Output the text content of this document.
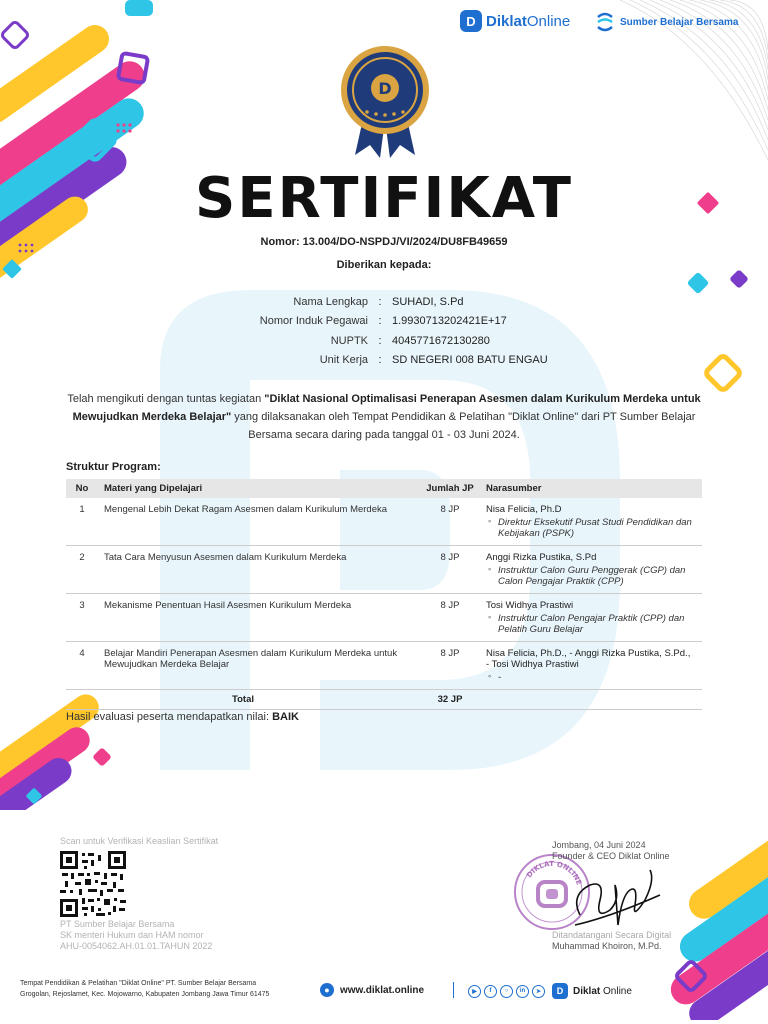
D DiklatOnline	Sumber Belajar Bersama
D
SERTIFIKAT
Nomor: 13.004/DO-NSPDJ/VI/2024/DU8FB49659
Diberikan kepada:
Nama Lengkap : SUHADI, S.Pd
Nomor Induk Pegawai : 1.9930713202421E+17
NUPTK : 4045771672130280
Unit Kerja : SD NEGERI 008 BATU ENGAU
Telah mengikuti dengan tuntas kegiatan "Diklat Nasional Optimalisasi Penerapan Asesmen dalam Kurikulum Merdeka untuk Mewujudkan Merdeka Belajar" yang dilaksanakan oleh Tempat Pendidikan & Pelatihan "Diklat Online" dari PT Sumber Belajar Bersama secara daring pada tanggal 01 - 03 Juni 2024.
Struktur Program:
No	Materi yang Dipelajari	Jumlah JP	Narasumber
1	Mengenal Lebih Dekat Ragam Asesmen dalam Kurikulum Merdeka	8 JP	Nisa Felicia, Ph.D
◦ Direktur Eksekutif Pusat Studi Pendidikan dan Kebijakan (PSPK)

2	Tata Cara Menyusun Asesmen dalam Kurikulum Merdeka	8 JP	Anggi Rizka Pustika, S.Pd
◦ Instruktur Calon Guru Penggerak (CGP) dan Calon Pengajar Praktik (CPP)

3	Mekanisme Penentuan Hasil Asesmen Kurikulum Merdeka	8 JP	Tosi Widhya Prastiwi
◦ Instruktur Calon Pengajar Praktik (CPP) dan Pelatih Guru Belajar

4	Belajar Mandiri Penerapan Asesmen dalam Kurikulum Merdeka untuk Mewujudkan Merdeka Belajar	8 JP	Nisa Felicia, Ph.D., - Anggi Rizka Pustika, S.Pd., - Tosi Widhya Prastiwi
◦ -

Total		32 JP	
Hasil evaluasi peserta mendapatkan nilai: BAIK
Scan untuk Verifikasi Keaslian Sertifikat
PT Sumber Belajar Bersama
SK menteri Hukum dan HAM nomor
AHU-0054062.AH.01.01.TAHUN 2022
DIKLAT ONLINE
Jombang, 04 Juni 2024
Founder & CEO Diklat Online
Ditandatangani Secara Digital
Muhammad Khoiron, M.Pd.
Tempat Pendidikan & Pelatihan "Diklat Online" PT. Sumber Belajar Bersama
Grogolan, Rejoslamet, Kec. Mojowarno, Kabupaten Jombang Jawa Timur 61475	●	www.diklat.online	▶	f	○	in	➤	D Diklat Online
